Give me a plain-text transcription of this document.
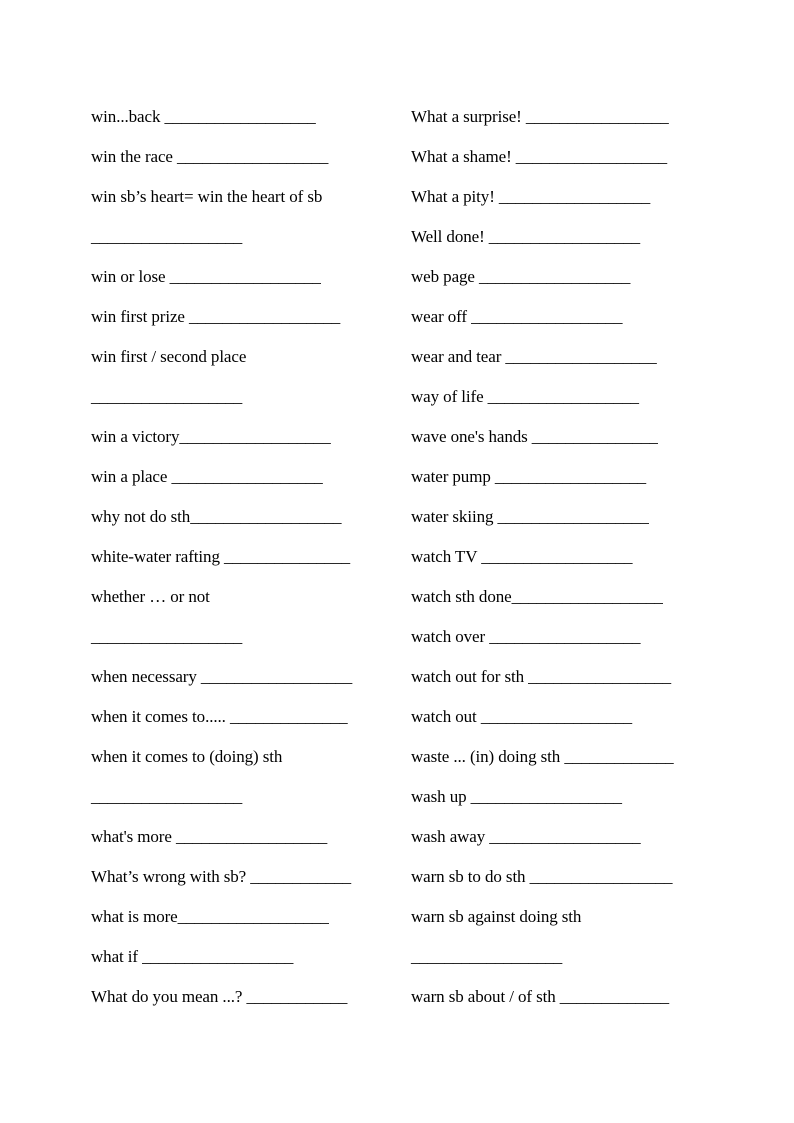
win...back __________________
win the race __________________
win sb’s heart= win the heart of sb
__________________
win or lose __________________
win first prize __________________
win first / second place
__________________
win a victory__________________
win a place __________________
why not do sth__________________
white-water rafting _______________
whether … or not
__________________
when necessary __________________
when it comes to..... ______________
when it comes to (doing) sth
__________________
what's more __________________
What’s wrong with sb? ____________
what is more__________________
what if __________________
What do you mean ...? ____________
What a surprise! _________________
What a shame! __________________
What a pity! __________________
Well done! __________________
web page __________________
wear off __________________
wear and tear __________________
way of life __________________
wave one's hands _______________
water pump __________________
water skiing __________________
watch TV __________________
watch sth done__________________
watch over __________________
watch out for sth _________________
watch out __________________
waste ... (in) doing sth _____________
wash up __________________
wash away __________________
warn sb to do sth _________________
warn sb against doing sth
__________________
warn sb about / of sth _____________
